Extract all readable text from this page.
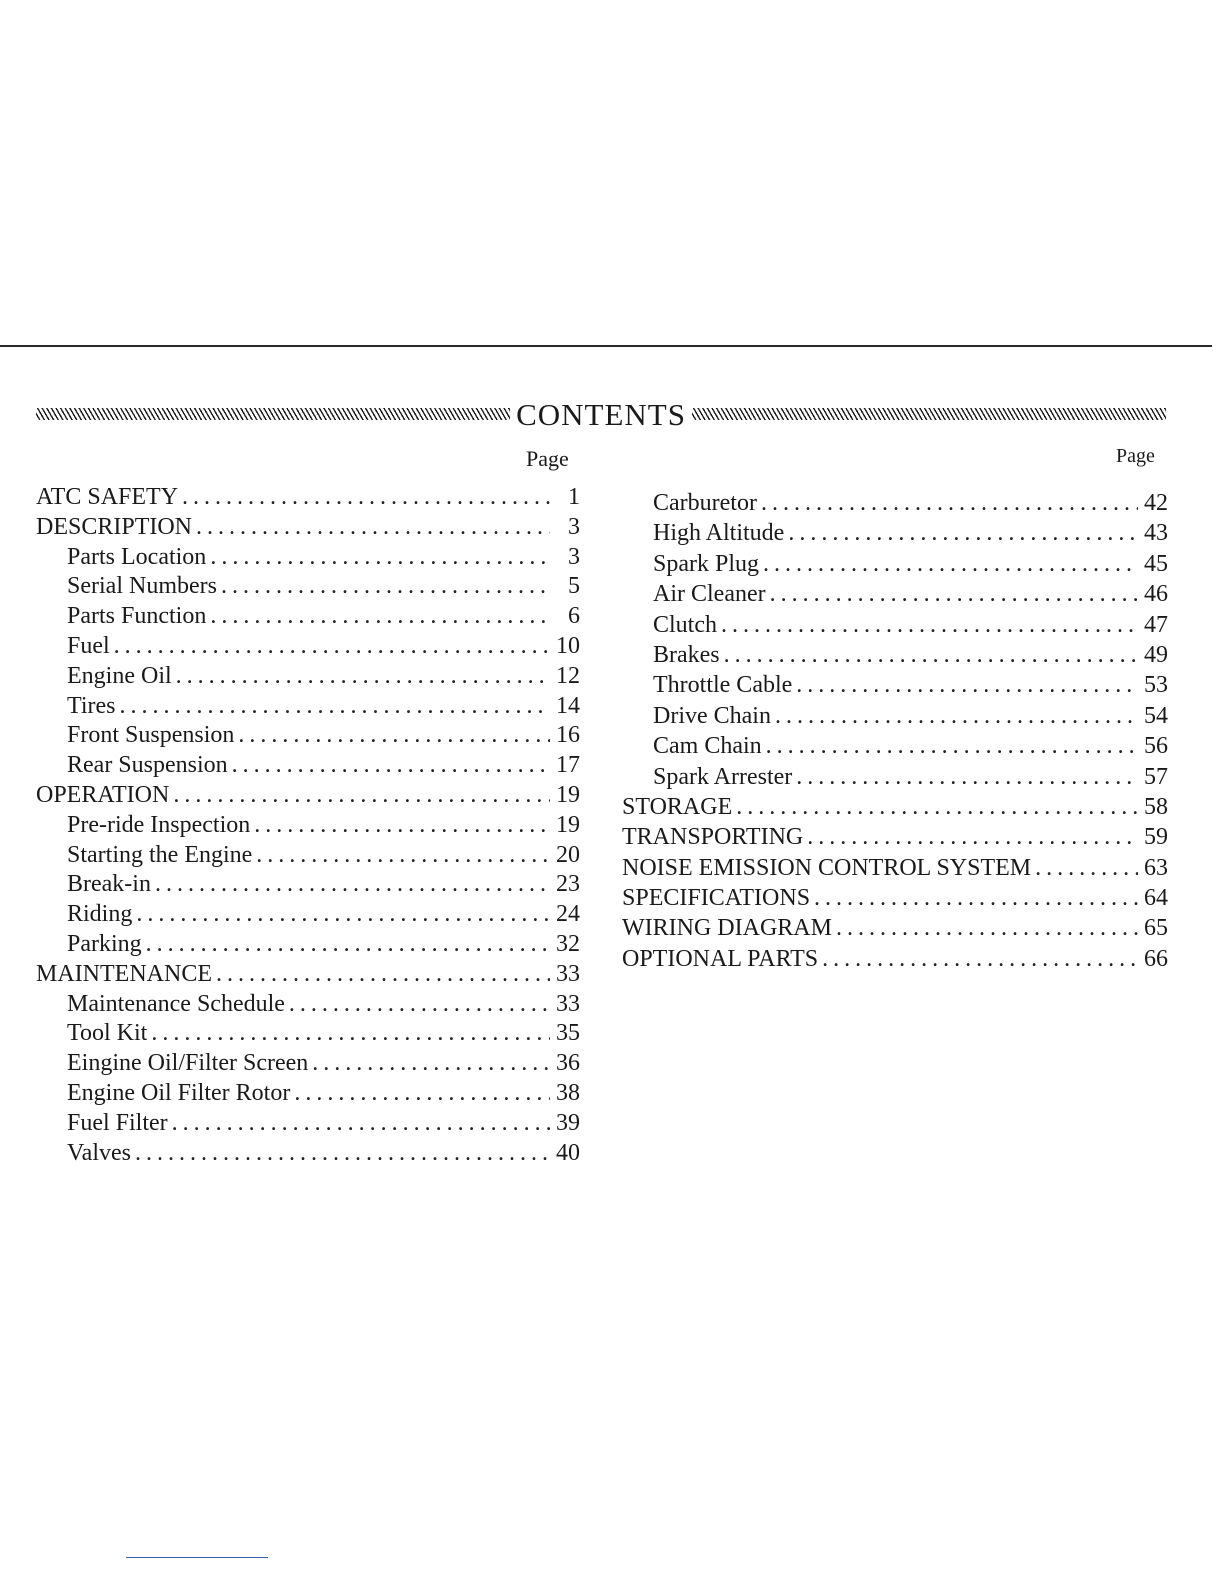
CONTENTS
Page	Page
ATC SAFETY .....	1
DESCRIPTION .....	3
Parts Location .....	3
Serial Numbers .....	5
Parts Function .....	6
Fuel .....	10
Engine Oil .....	12
Tires .....	14
Front Suspension .....	16
Rear Suspension .....	17
OPERATION .....	19
Pre-ride Inspection .....	19
Starting the Engine .....	20
Break-in .....	23
Riding .....	24
Parking .....	32
MAINTENANCE .....	33
Maintenance Schedule .....	33
Tool Kit .....	35
Eingine Oil/Filter Screen .....	36
Engine Oil Filter Rotor .....	38
Fuel Filter .....	39
Valves .....	40
Carburetor .....	42
High Altitude .....	43
Spark Plug .....	45
Air Cleaner .....	46
Clutch .....	47
Brakes .....	49
Throttle Cable .....	53
Drive Chain .....	54
Cam Chain .....	56
Spark Arrester .....	57
STORAGE .....	58
TRANSPORTING .....	59
NOISE EMISSION CONTROL SYSTEM .....	63
SPECIFICATIONS .....	64
WIRING DIAGRAM .....	65
OPTIONAL PARTS .....	66
